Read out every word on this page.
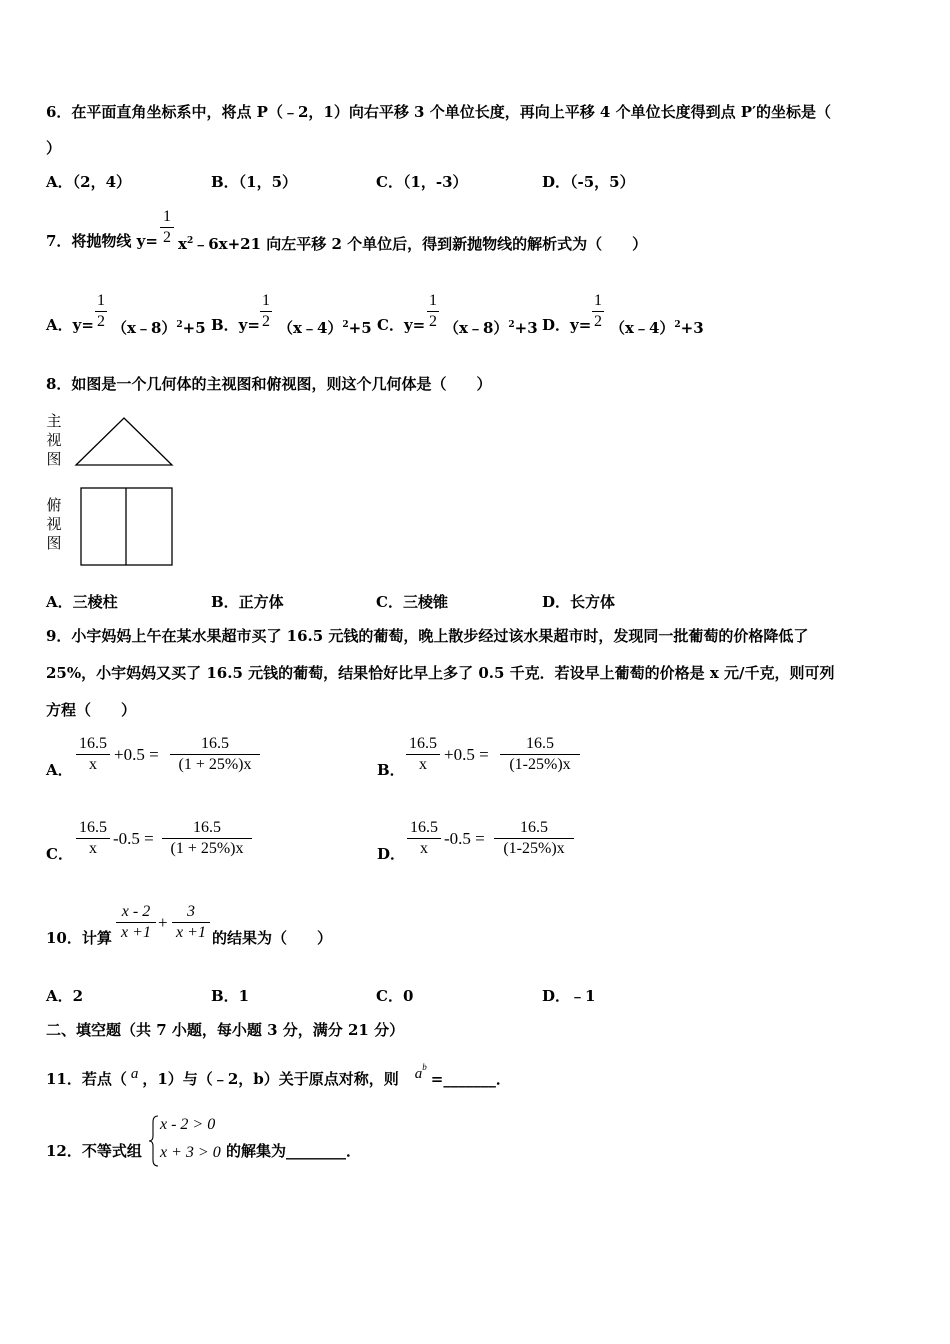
6．在平面直角坐标系中，将点 P（﹣2，1）向右平移 3 个单位长度，再向上平移 4 个单位长度得到点 P′的坐标是（
）
A．（2，4）	B．（1，5）	C．（1，-3）	D．（-5，5）
7．将抛物线 y=
1
2 $x^2﹣6x+21$ 向左平移 2 个单位后，得到新抛物线的解析式为（　　）
A．y=
1
2 （x﹣8）$^2$+5 B．y=
1
2 （x﹣4）$^2$+5 C．y=
1
2 （x﹣8）$^2$+3 D．y=
1
2 （x﹣4）$^2$+3
8．如图是一个几何体的主视图和俯视图，则这个几何体是（　　）
主
视
图
俯
视
图
A．三棱柱	B．正方体	C．三棱锥	D．长方体
9．小宇妈妈上午在某水果超市买了 16.5 元钱的葡萄，晚上散步经过该水果超市时，发现同一批葡萄的价格降低了
25%，小宇妈妈又买了 16.5 元钱的葡萄，结果恰好比早上多了 0.5 千克．若设早上葡萄的价格是 x 元/千克，则可列
方程（　　）
A．
16.5
x
+0.5 =
16.5
(1 + 25%)x	B．
16.5
x
+0.5 =
16.5
(1-25%)x
C．
16.5
x
-0.5 =
16.5
(1 + 25%)x	D．
16.5
x
-0.5 =
16.5
(1-25%)x
10．计算
x - 2
x +1
+
3
x +1 的结果为（　　）
A．2	B．1	C．0	D．﹣1
二、填空题（共 7 小题，每小题 3 分，满分 21 分）
11．若点（ a ，1）与（﹣2，b）关于原点对称，则 $a^b=\_\_\_\_\_\_\_$．
12．不等式组
x - 2 > 0
x + 3 > 0 的解集为________．
